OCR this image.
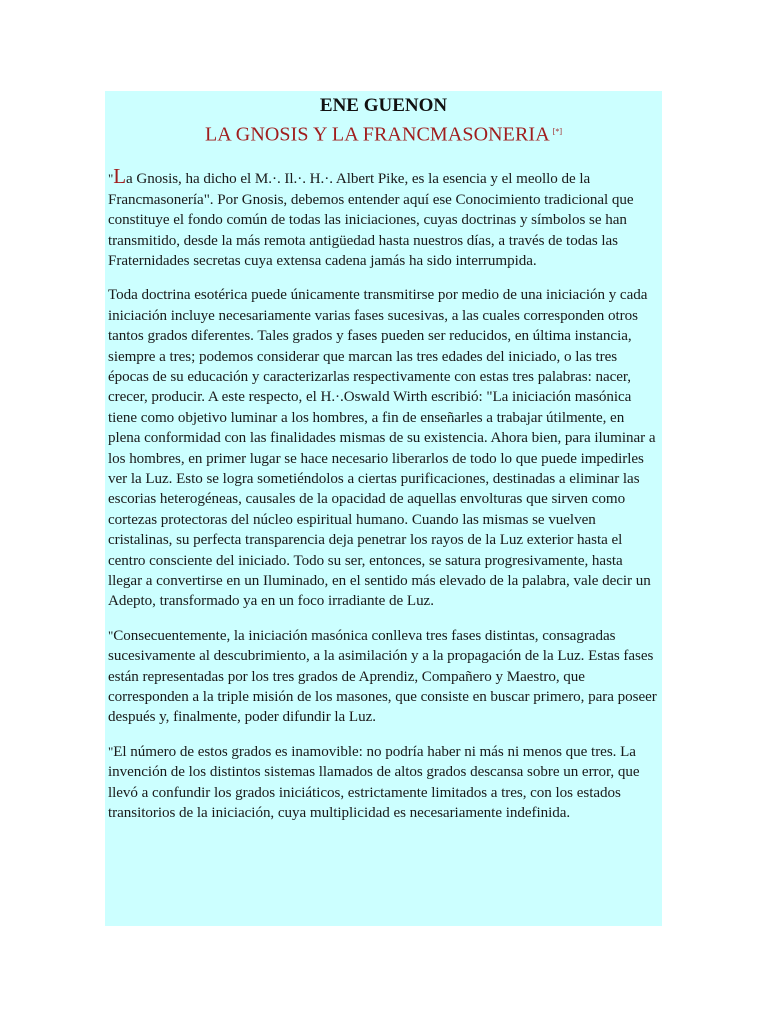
ENE GUENON
LA GNOSIS Y LA FRANCMASONERIA [*]

"La Gnosis, ha dicho el M.·. Il.·. H.·. Albert Pike, es la esencia y el meollo de la Francmasonería". Por Gnosis, debemos entender aquí ese Conocimiento tradicional que constituye el fondo común de todas las iniciaciones, cuyas doctrinas y símbolos se han transmitido, desde la más remota antigüedad hasta nuestros días, a través de todas las Fraternidades secretas cuya extensa cadena jamás ha sido interrumpida.

Toda doctrina esotérica puede únicamente transmitirse por medio de una iniciación y cada iniciación incluye necesariamente varias fases sucesivas, a las cuales corresponden otros tantos grados diferentes. Tales grados y fases pueden ser reducidos, en última instancia, siempre a tres; podemos considerar que marcan las tres edades del iniciado, o las tres épocas de su educación y caracterizarlas respectivamente con estas tres palabras: nacer, crecer, producir. A este respecto, el H.·.Oswald Wirth escribió: "La iniciación masónica tiene como objetivo luminar a los hombres, a fin de enseñarles a trabajar útilmente, en plena conformidad con las finalidades mismas de su existencia. Ahora bien, para iluminar a los hombres, en primer lugar se hace necesario liberarlos de todo lo que puede impedirles ver la Luz. Esto se logra sometiéndolos a ciertas purificaciones, destinadas a eliminar las escorias heterogéneas, causales de la opacidad de aquellas envolturas que sirven como cortezas protectoras del núcleo espiritual humano. Cuando las mismas se vuelven cristalinas, su perfecta transparencia deja penetrar los rayos de la Luz exterior hasta el centro consciente del iniciado. Todo su ser, entonces, se satura progresivamente, hasta llegar a convertirse en un Iluminado, en el sentido más elevado de la palabra, vale decir un Adepto, transformado ya en un foco irradiante de Luz.

"Consecuentemente, la iniciación masónica conlleva tres fases distintas, consagradas sucesivamente al descubrimiento, a la asimilación y a la propagación de la Luz. Estas fases están representadas por los tres grados de Aprendiz, Compañero y Maestro, que corresponden a la triple misión de los masones, que consiste en buscar primero, para poseer después y, finalmente, poder difundir la Luz.

"El número de estos grados es inamovible: no podría haber ni más ni menos que tres. La invención de los distintos sistemas llamados de altos grados descansa sobre un error, que llevó a confundir los grados iniciáticos, estrictamente limitados a tres, con los estados transitorios de la iniciación, cuya multiplicidad es necesariamente indefinida.
